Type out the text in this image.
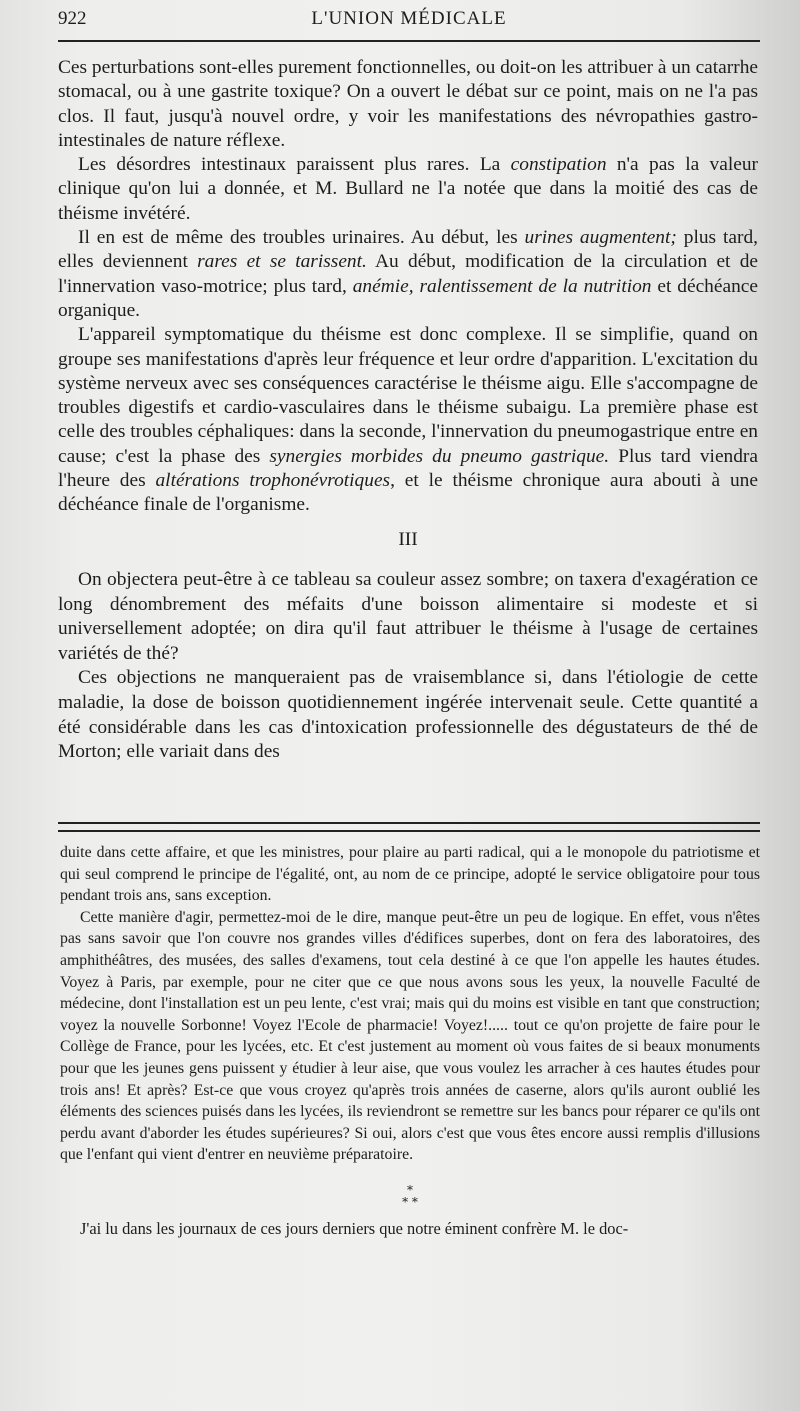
922	L'UNION MÉDICALE

Ces perturbations sont-elles purement fonctionnelles, ou doit-on les attribuer à un catarrhe stomacal, ou à une gastrite toxique? On a ouvert le débat sur ce point, mais on ne l'a pas clos. Il faut, jusqu'à nouvel ordre, y voir les manifestations des névropathies gastro-intestinales de nature réflexe.

Les désordres intestinaux paraissent plus rares. La constipation n'a pas la valeur clinique qu'on lui a donnée, et M. Bullard ne l'a notée que dans la moitié des cas de théisme invétéré.

Il en est de même des troubles urinaires. Au début, les urines augmentent; plus tard, elles deviennent rares et se tarissent. Au début, modification de la circulation et de l'innervation vaso-motrice; plus tard, anémie, ralentissement de la nutrition et déchéance organique.

L'appareil symptomatique du théisme est donc complexe. Il se simplifie, quand on groupe ses manifestations d'après leur fréquence et leur ordre d'apparition. L'excitation du système nerveux avec ses conséquences caractérise le théisme aigu. Elle s'accompagne de troubles digestifs et cardio-vasculaires dans le théisme subaigu. La première phase est celle des troubles céphaliques: dans la seconde, l'innervation du pneumogastrique entre en cause; c'est la phase des synergies morbides du pneumo gastrique. Plus tard viendra l'heure des altérations trophonévrotiques, et le théisme chronique aura abouti à une déchéance finale de l'organisme.

III

On objectera peut-être à ce tableau sa couleur assez sombre; on taxera d'exagération ce long dénombrement des méfaits d'une boisson alimentaire si modeste et si universellement adoptée; on dira qu'il faut attribuer le théisme à l'usage de certaines variétés de thé?

Ces objections ne manqueraient pas de vraisemblance si, dans l'étiologie de cette maladie, la dose de boisson quotidiennement ingérée intervenait seule. Cette quantité a été considérable dans les cas d'intoxication professionnelle des dégustateurs de thé de Morton; elle variait dans des

duite dans cette affaire, et que les ministres, pour plaire au parti radical, qui a le monopole du patriotisme et qui seul comprend le principe de l'égalité, ont, au nom de ce principe, adopté le service obligatoire pour tous pendant trois ans, sans exception.

Cette manière d'agir, permettez-moi de le dire, manque peut-être un peu de logique. En effet, vous n'êtes pas sans savoir que l'on couvre nos grandes villes d'édifices superbes, dont on fera des laboratoires, des amphithéâtres, des musées, des salles d'examens, tout cela destiné à ce que l'on appelle les hautes études. Voyez à Paris, par exemple, pour ne citer que ce que nous avons sous les yeux, la nouvelle Faculté de médecine, dont l'installation est un peu lente, c'est vrai; mais qui du moins est visible en tant que construction; voyez la nouvelle Sorbonne! Voyez l'Ecole de pharmacie! Voyez!..... tout ce qu'on projette de faire pour le Collège de France, pour les lycées, etc. Et c'est justement au moment où vous faites de si beaux monuments pour que les jeunes gens puissent y étudier à leur aise, que vous voulez les arracher à ces hautes études pour trois ans! Et après? Est-ce que vous croyez qu'après trois années de caserne, alors qu'ils auront oublié les éléments des sciences puisés dans les lycées, ils reviendront se remettre sur les bancs pour réparer ce qu'ils ont perdu avant d'aborder les études supérieures? Si oui, alors c'est que vous êtes encore aussi remplis d'illusions que l'enfant qui vient d'entrer en neuvième préparatoire.

*
* *

J'ai lu dans les journaux de ces jours derniers que notre éminent confrère M. le doc-
